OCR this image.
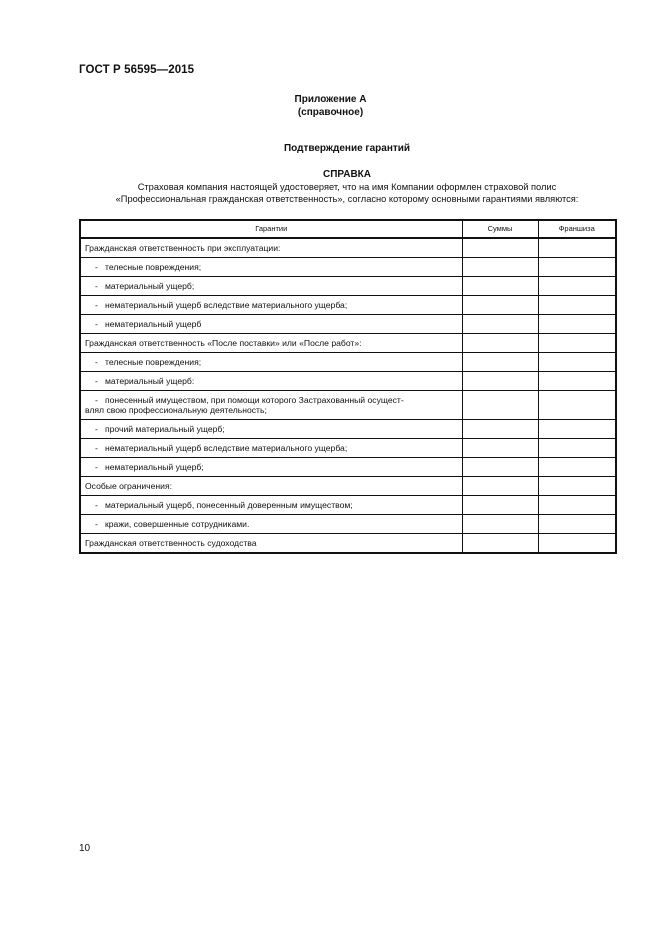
ГОСТ Р 56595—2015
Приложение А
(справочное)
Подтверждение гарантий
СПРАВКА
Страховая компания настоящей удостоверяет, что на имя Компании оформлен страховой полис
«Профессиональная гражданская ответственность», согласно которому основными гарантиями являются:
Гарантии	Суммы	Франшиза
Гражданская ответственность при эксплуатации:		
- телесные повреждения;		
- материальный ущерб;		
- нематериальный ущерб вследствие материального ущерба;		
- нематериальный ущерб		
Гражданская ответственность «После поставки» или «После работ»:		
- телесные повреждения;		
- материальный ущерб:		
- понесенный имуществом, при помощи которого Застрахованный осущест-
влял свою профессиональную деятельность;		
- прочий материальный ущерб;		
- нематериальный ущерб вследствие материального ущерба;		
- нематериальный ущерб;		
Особые ограничения:		
- материальный ущерб, понесенный доверенным имуществом;		
- кражи, совершенные сотрудниками.		
Гражданская ответственность судоходства		
10
